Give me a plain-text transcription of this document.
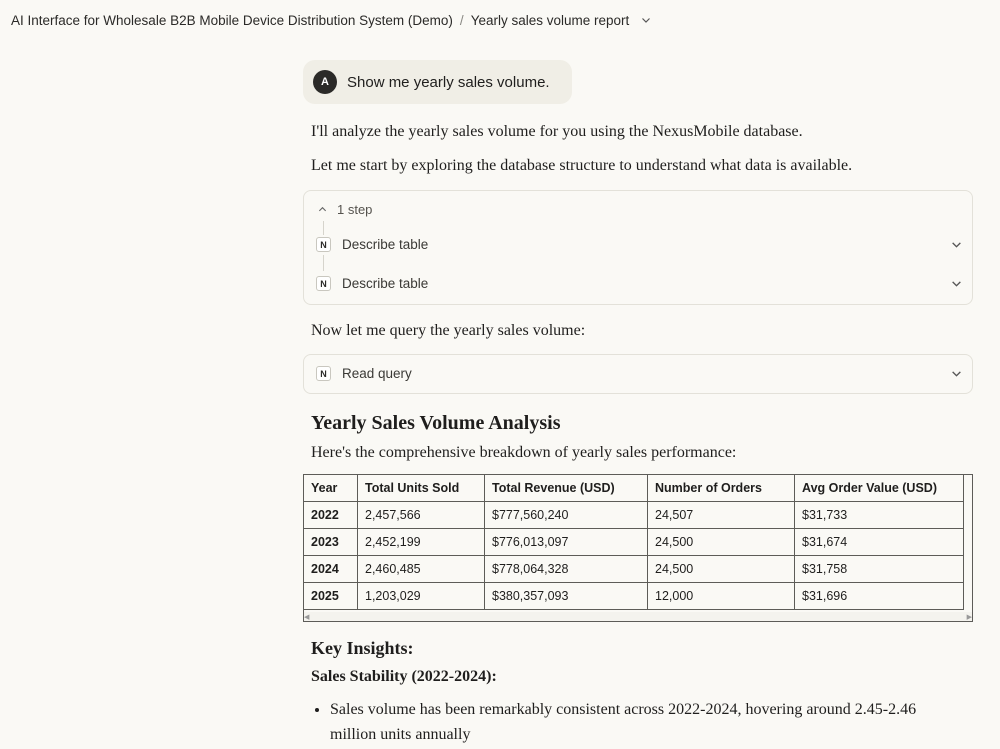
AI Interface for Wholesale B2B Mobile Device Distribution System (Demo) / Yearly sales volume report
A	Show me yearly sales volume.
I'll analyze the yearly sales volume for you using the NexusMobile database.
Let me start by exploring the database structure to understand what data is available.
1 step
N	Describe table
N	Describe table
Now let me query the yearly sales volume:
N	Read query
Yearly Sales Volume Analysis
Here's the comprehensive breakdown of yearly sales performance:
Year	Total Units Sold	Total Revenue (USD)	Number of Orders	Avg Order Value (USD)
2022	2,457,566	$777,560,240	24,507	$31,733
2023	2,452,199	$776,013,097	24,500	$31,674
2024	2,460,485	$778,064,328	24,500	$31,758
2025	1,203,029	$380,357,093	12,000	$31,696
◀	▶
Key Insights:
Sales Stability (2022-2024):
• Sales volume has been remarkably consistent across 2022-2024, hovering around 2.45-2.46 million units annually
